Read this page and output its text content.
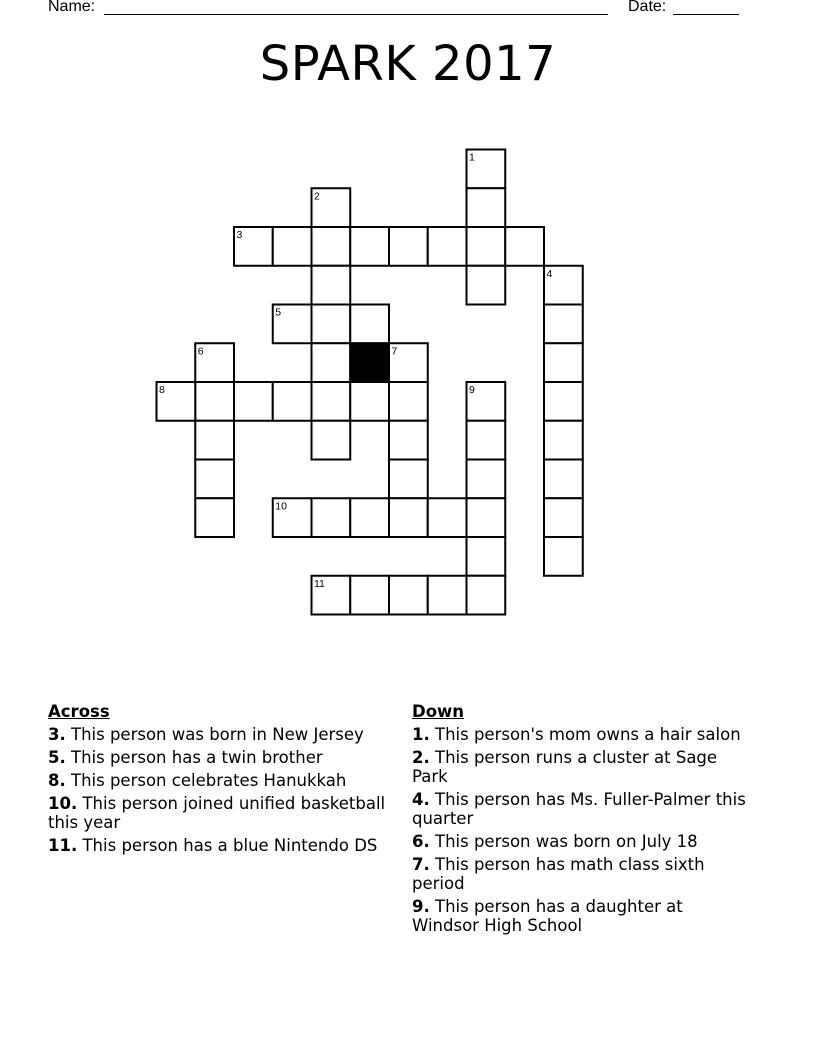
Name:	Date:
SPARK 2017
1
2
3
4
5
6	7
8	9
10
11
Across
3. This person was born in New Jersey
5. This person has a twin brother
8. This person celebrates Hanukkah
10. This person joined unified basketball this year
11. This person has a blue Nintendo DS
Down
1. This person's mom owns a hair salon
2. This person runs a cluster at Sage Park
4. This person has Ms. Fuller-Palmer this quarter
6. This person was born on July 18
7. This person has math class sixth period
9. This person has a daughter at Windsor High School
